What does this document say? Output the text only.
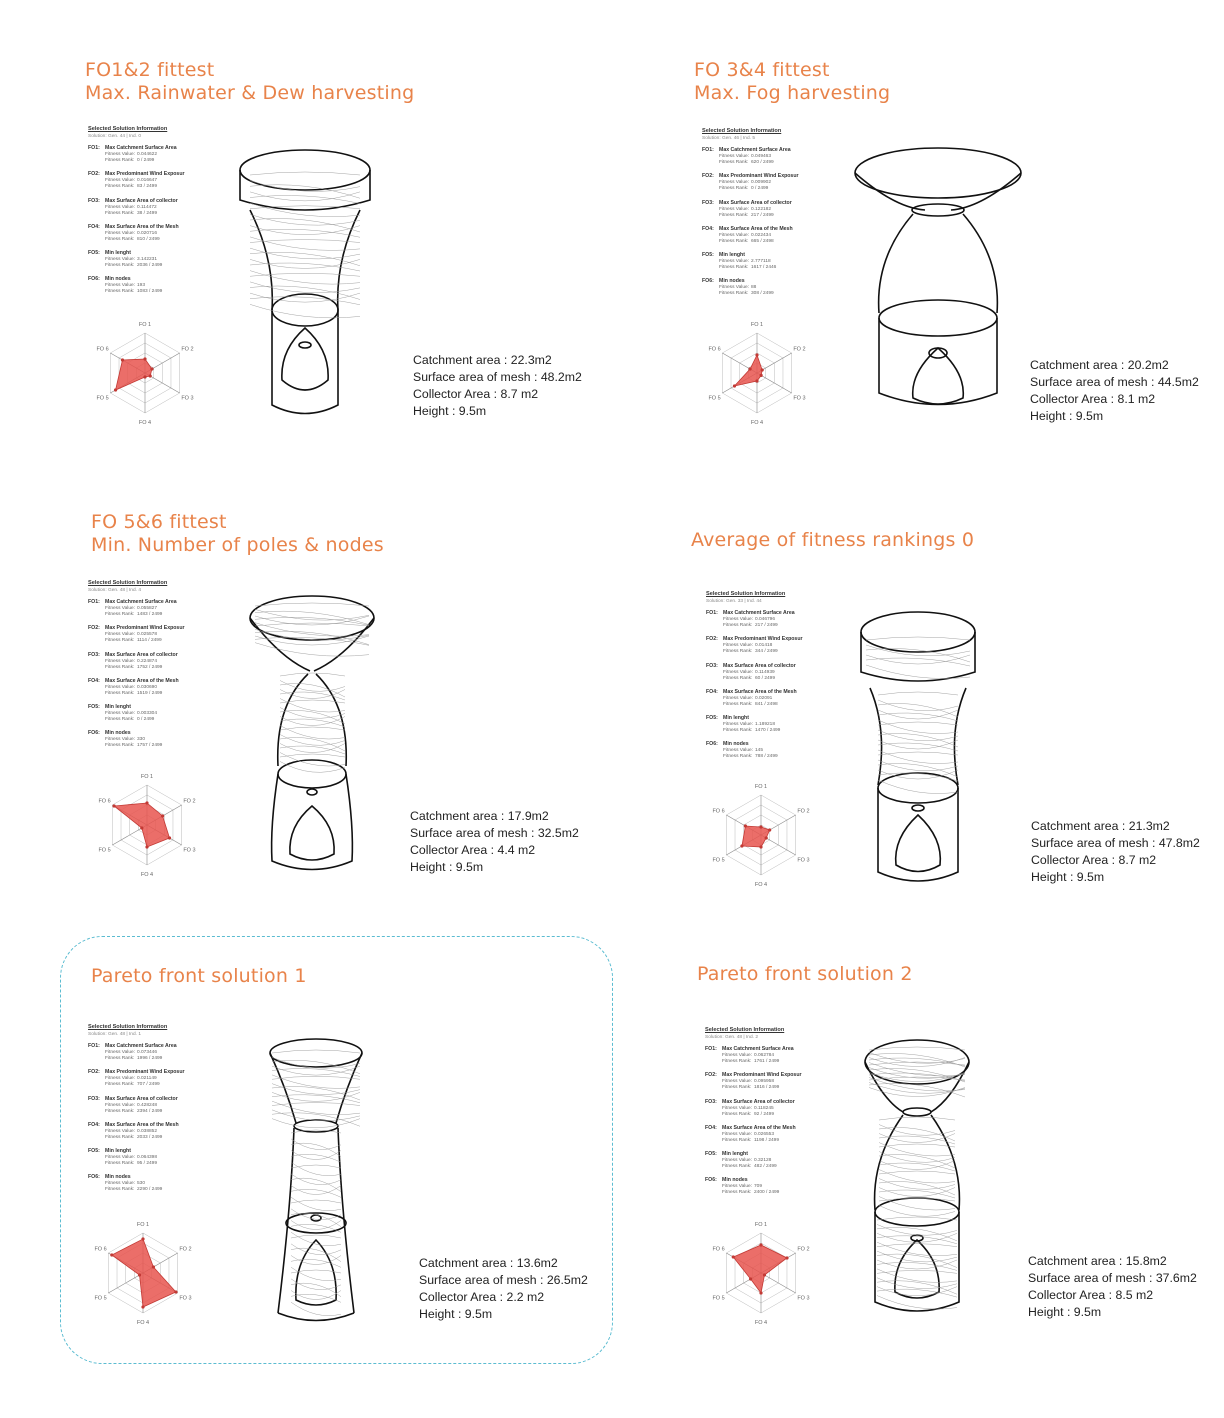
FO1&2 fittest
Max. Rainwater & Dew harvesting
Selected Solution Information
Solution: Gen. 44 | Ind. 0
FO1: Max Catchment Surface Area
Fitness Value: 0.044622
Fitness Rank: 0 / 2499
FO2: Max Predominant Wind Exposur
Fitness Value: 0.016647
Fitness Rank: 83 / 2499
FO3: Max Surface Area of collector
Fitness Value: 0.114472
Fitness Rank: 38 / 2499
FO4: Max Surface Area of the Mesh
Fitness Value: 0.020716
Fitness Rank: 810 / 2499
FO5: Min lenght
Fitness Value: 3.142231
Fitness Rank: 2036 / 2499
FO6: Min nodes
Fitness Value: 193
Fitness Rank: 1083 / 2499
FO 1
FO 2
FO 3
FO 4
FO 5
FO 6
Catchment area : 22.3m2
Surface area of mesh : 48.2m2
Collector Area : 8.7 m2
Height : 9.5m
FO 3&4 fittest
Max. Fog harvesting
Selected Solution Information
Solution: Gen. 46 | Ind. 5
FO1: Max Catchment Surface Area
Fitness Value: 0.049463
Fitness Rank: 620 / 2499
FO2: Max Predominant Wind Exposur
Fitness Value: 0.009902
Fitness Rank: 0 / 2499
FO3: Max Surface Area of collector
Fitness Value: 0.122182
Fitness Rank: 217 / 2499
FO4: Max Surface Area of the Mesh
Fitness Value: 0.022434
Fitness Rank: 665 / 2498
FO5: Min lenght
Fitness Value: 2.777118
Fitness Rank: 1617 / 2446
FO6: Min nodes
Fitness Value: 88
Fitness Rank: 308 / 2499
FO 1
FO 2
FO 3
FO 4
FO 5
FO 6
Catchment area : 20.2m2
Surface area of mesh : 44.5m2
Collector Area : 8.1 m2
Height : 9.5m
FO 5&6 fittest
Min. Number of poles & nodes
Selected Solution Information
Solution: Gen. 48 | Ind. 4
FO1: Max Catchment Surface Area
Fitness Value: 0.055827
Fitness Rank: 1483 / 2499
FO2: Max Predominant Wind Exposur
Fitness Value: 0.025578
Fitness Rank: 1114 / 2499
FO3: Max Surface Area of collector
Fitness Value: 0.224874
Fitness Rank: 1752 / 2499
FO4: Max Surface Area of the Mesh
Fitness Value: 0.030690
Fitness Rank: 1519 / 2499
FO5: Min lenght
Fitness Value: 0.003304
Fitness Rank: 0 / 2499
FO6: Min nodes
Fitness Value: 330
Fitness Rank: 1757 / 2499
FO 1
FO 2
FO 3
FO 4
FO 5
FO 6
Catchment area : 17.9m2
Surface area of mesh : 32.5m2
Collector Area : 4.4 m2
Height : 9.5m
Average of fitness rankings 0
Selected Solution Information
Solution: Gen. 33 | Ind. 44
FO1: Max Catchment Surface Area
Fitness Value: 0.046796
Fitness Rank: 217 / 2499
FO2: Max Predominant Wind Exposur
Fitness Value: 0.01418
Fitness Rank: 344 / 2499
FO3: Max Surface Area of collector
Fitness Value: 0.114939
Fitness Rank: 60 / 2499
FO4: Max Surface Area of the Mesh
Fitness Value: 0.02091
Fitness Rank: 841 / 2498
FO5: Min lenght
Fitness Value: 1.189218
Fitness Rank: 1470 / 2499
FO6: Min nodes
Fitness Value: 145
Fitness Rank: 788 / 2499
FO 1
FO 2
FO 3
FO 4
FO 5
FO 6
Catchment area : 21.3m2
Surface area of mesh : 47.8m2
Collector Area : 8.7 m2
Height : 9.5m
Pareto front solution 1
Selected Solution Information
Solution: Gen. 48 | Ind. 1
FO1: Max Catchment Surface Area
Fitness Value: 0.073446
Fitness Rank: 1996 / 2499
FO2: Max Predominant Wind Exposur
Fitness Value: 0.021149
Fitness Rank: 707 / 2499
FO3: Max Surface Area of collector
Fitness Value: 0.428248
Fitness Rank: 2394 / 2499
FO4: Max Surface Area of the Mesh
Fitness Value: 0.038852
Fitness Rank: 2033 / 2499
FO5: Min lenght
Fitness Value: 0.064398
Fitness Rank: 95 / 2499
FO6: Min nodes
Fitness Value: 530
Fitness Rank: 2290 / 2499
FO 1
FO 2
FO 3
FO 4
FO 5
FO 6
Catchment area : 13.6m2
Surface area of mesh : 26.5m2
Collector Area : 2.2 m2
Height : 9.5m
Pareto front solution 2
Selected Solution Information
Solution: Gen. 48 | Ind. 2
FO1: Max Catchment Surface Area
Fitness Value: 0.062784
Fitness Rank: 1761 / 2499
FO2: Max Predominant Wind Exposur
Fitness Value: 0.095958
Fitness Rank: 1816 / 2499
FO3: Max Surface Area of collector
Fitness Value: 0.118245
Fitness Rank: 92 / 2499
FO4: Max Surface Area of the Mesh
Fitness Value: 0.026553
Fitness Rank: 1198 / 2499
FO5: Min lenght
Fitness Value: 0.32128
Fitness Rank: 482 / 2499
FO6: Min nodes
Fitness Value: 709
Fitness Rank: 2400 / 2499
FO 1
FO 2
FO 3
FO 4
FO 5
FO 6
Catchment area : 15.8m2
Surface area of mesh : 37.6m2
Collector Area : 8.5 m2
Height : 9.5m
